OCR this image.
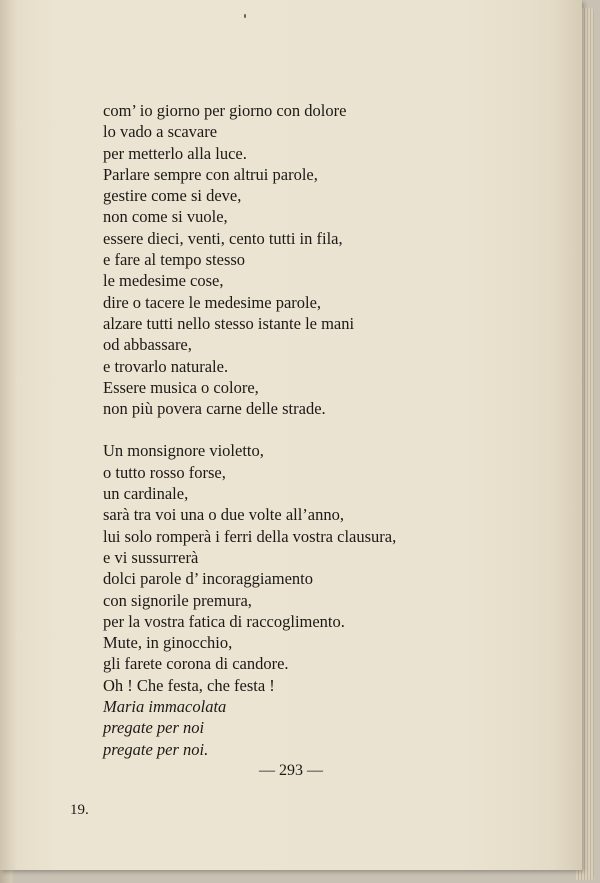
com’ io giorno per giorno con dolore
lo vado a scavare
per metterlo alla luce.
Parlare sempre con altrui parole,
gestire come si deve,
non come si vuole,
essere dieci, venti, cento tutti in fila,
e fare al tempo stesso
le medesime cose,
dire o tacere le medesime parole,
alzare tutti nello stesso istante le mani
od abbassare,
e trovarlo naturale.
Essere musica o colore,
non più povera carne delle strade.
Un monsignore violetto,
o tutto rosso forse,
un cardinale,
sarà tra voi una o due volte all’anno,
lui solo romperà i ferri della vostra clausura,
e vi sussurrerà
dolci parole d’ incoraggiamento
con signorile premura,
per la vostra fatica di raccoglimento.
Mute, in ginocchio,
gli farete corona di candore.
Oh ! Che festa, che festa !
Maria immacolata
pregate per noi
pregate per noi.
— 293 —
19.
